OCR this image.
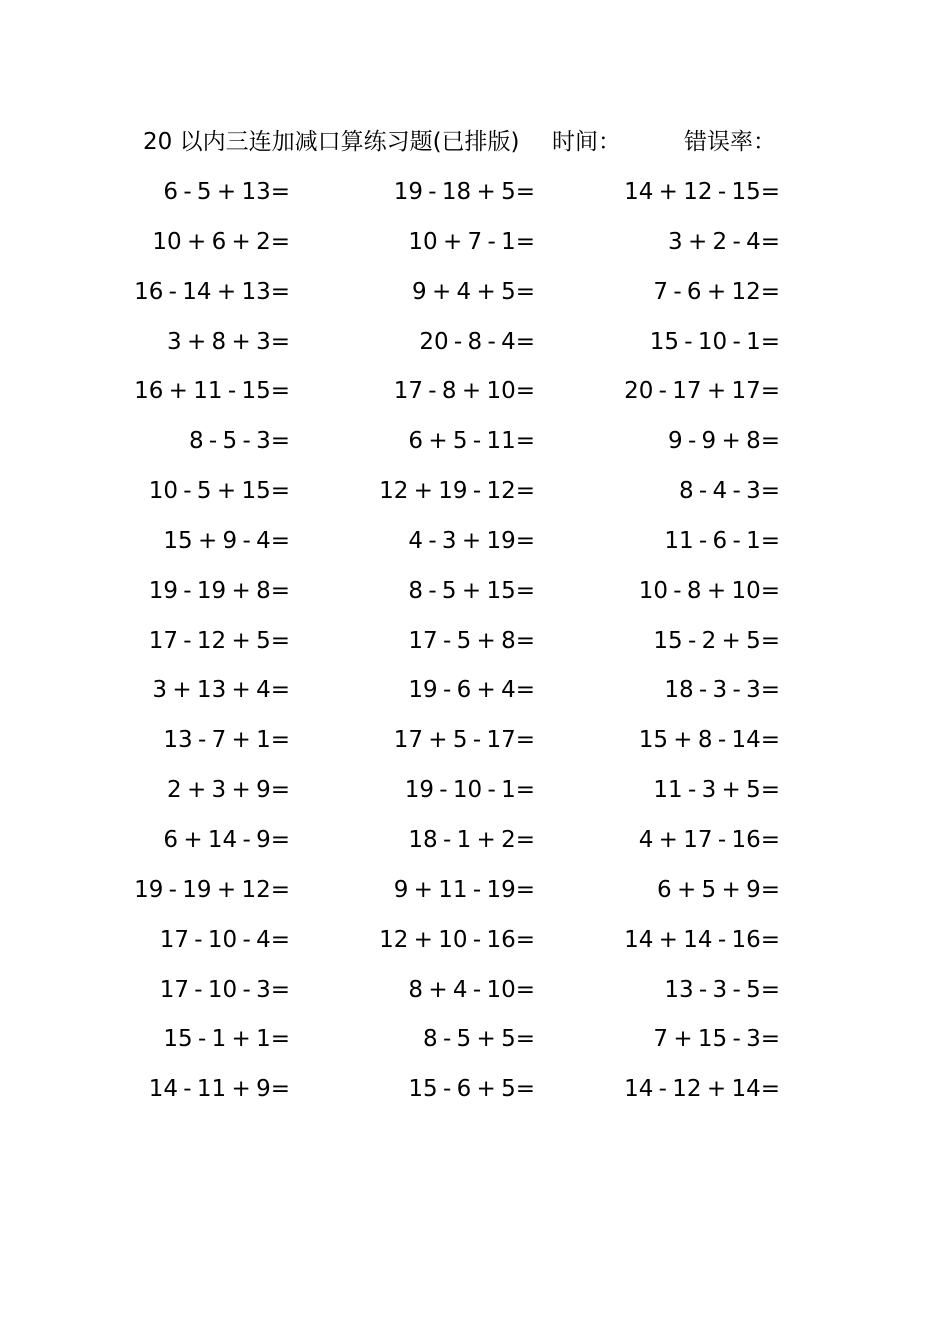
20 以内三连加减口算练习题(已排版) 时间：	错误率：
6 - 5 + 13=	19 - 18 + 5=	14 + 12 - 15=
10 + 6 + 2=	10 + 7 - 1=	3 + 2 - 4=
16 - 14 + 13=	9 + 4 + 5=	7 - 6 + 12=
3 + 8 + 3=	20 - 8 - 4=	15 - 10 - 1=
16 + 11 - 15=	17 - 8 + 10=	20 - 17 + 17=
8 - 5 - 3=	6 + 5 - 11=	9 - 9 + 8=
10 - 5 + 15=	12 + 19 - 12=	8 - 4 - 3=
15 + 9 - 4=	4 - 3 + 19=	11 - 6 - 1=
19 - 19 + 8=	8 - 5 + 15=	10 - 8 + 10=
17 - 12 + 5=	17 - 5 + 8=	15 - 2 + 5=
3 + 13 + 4=	19 - 6 + 4=	18 - 3 - 3=
13 - 7 + 1=	17 + 5 - 17=	15 + 8 - 14=
2 + 3 + 9=	19 - 10 - 1=	11 - 3 + 5=
6 + 14 - 9=	18 - 1 + 2=	4 + 17 - 16=
19 - 19 + 12=	9 + 11 - 19=	6 + 5 + 9=
17 - 10 - 4=	12 + 10 - 16=	14 + 14 - 16=
17 - 10 - 3=	8 + 4 - 10=	13 - 3 - 5=
15 - 1 + 1=	8 - 5 + 5=	7 + 15 - 3=
14 - 11 + 9=	15 - 6 + 5=	14 - 12 + 14=
